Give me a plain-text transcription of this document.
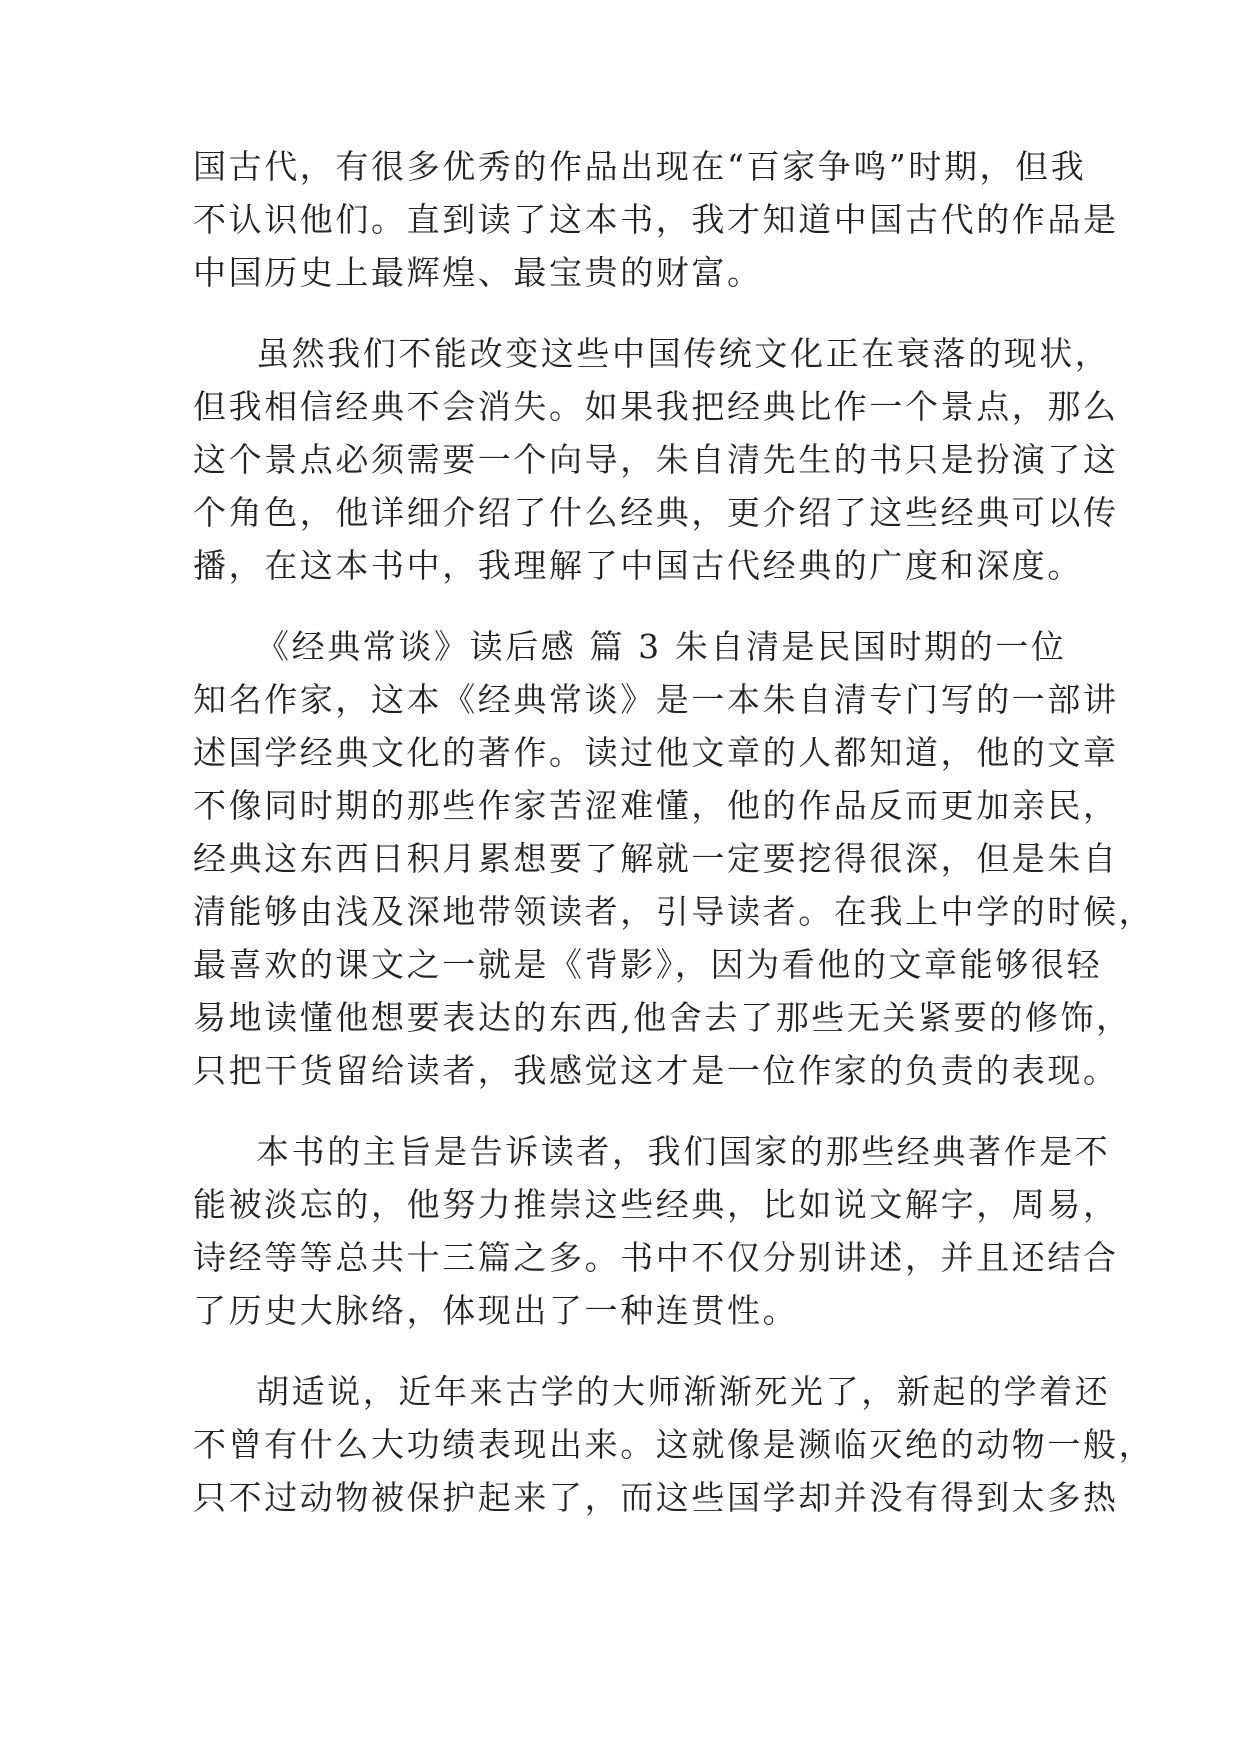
国古代，有很多优秀的作品出现在“百家争鸣”时期，但我
不认识他们。直到读了这本书，我才知道中国古代的作品是
中国历史上最辉煌、最宝贵的财富。
虽然我们不能改变这些中国传统文化正在衰落的现状，
但我相信经典不会消失。如果我把经典比作一个景点，那么
这个景点必须需要一个向导，朱自清先生的书只是扮演了这
个角色，他详细介绍了什么经典，更介绍了这些经典可以传
播，在这本书中，我理解了中国古代经典的广度和深度。
《经典常谈》读后感 篇 3 朱自清是民国时期的一位
知名作家，这本《经典常谈》是一本朱自清专门写的一部讲
述国学经典文化的著作。读过他文章的人都知道，他的文章
不像同时期的那些作家苦涩难懂，他的作品反而更加亲民，
经典这东西日积月累想要了解就一定要挖得很深，但是朱自
清能够由浅及深地带领读者，引导读者。在我上中学的时候，
最喜欢的课文之一就是《背影》，因为看他的文章能够很轻
易地读懂他想要表达的东西,他舍去了那些无关紧要的修饰，
只把干货留给读者，我感觉这才是一位作家的负责的表现。
本书的主旨是告诉读者，我们国家的那些经典著作是不
能被淡忘的，他努力推崇这些经典，比如说文解字，周易，
诗经等等总共十三篇之多。书中不仅分别讲述，并且还结合
了历史大脉络，体现出了一种连贯性。
胡适说，近年来古学的大师渐渐死光了，新起的学着还
不曾有什么大功绩表现出来。这就像是濒临灭绝的动物一般，
只不过动物被保护起来了，而这些国学却并没有得到太多热
